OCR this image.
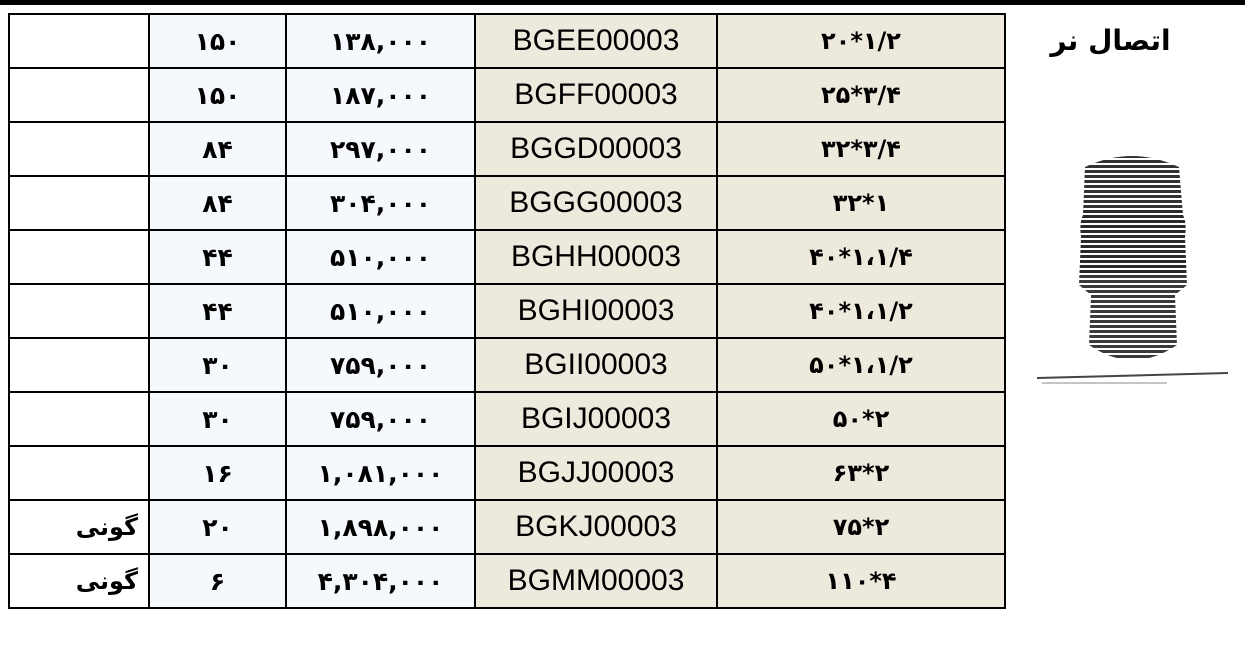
	۱۵۰	۱۳۸,۰۰۰	BGEE00003	۲۰*۱/۲	اتصال نر

	۱۵۰	۱۸۷,۰۰۰	BGFF00003	۲۵*۳/۴	
	۸۴	۲۹۷,۰۰۰	BGGD00003	۳۲*۳/۴	
	۸۴	۳۰۴,۰۰۰	BGGG00003	۳۲*۱	
	۴۴	۵۱۰,۰۰۰	BGHH00003	۴۰*۱،۱/۴	
	۴۴	۵۱۰,۰۰۰	BGHI00003	۴۰*۱،۱/۲	
	۳۰	۷۵۹,۰۰۰	BGII00003	۵۰*۱،۱/۲	
	۳۰	۷۵۹,۰۰۰	BGIJ00003	۵۰*۲	
	۱۶	۱,۰۸۱,۰۰۰	BGJJ00003	۶۳*۲	
گونی	۲۰	۱,۸۹۸,۰۰۰	BGKJ00003	۷۵*۲	
گونی	۶	۴,۳۰۴,۰۰۰	BGMM00003	۱۱۰*۴	
